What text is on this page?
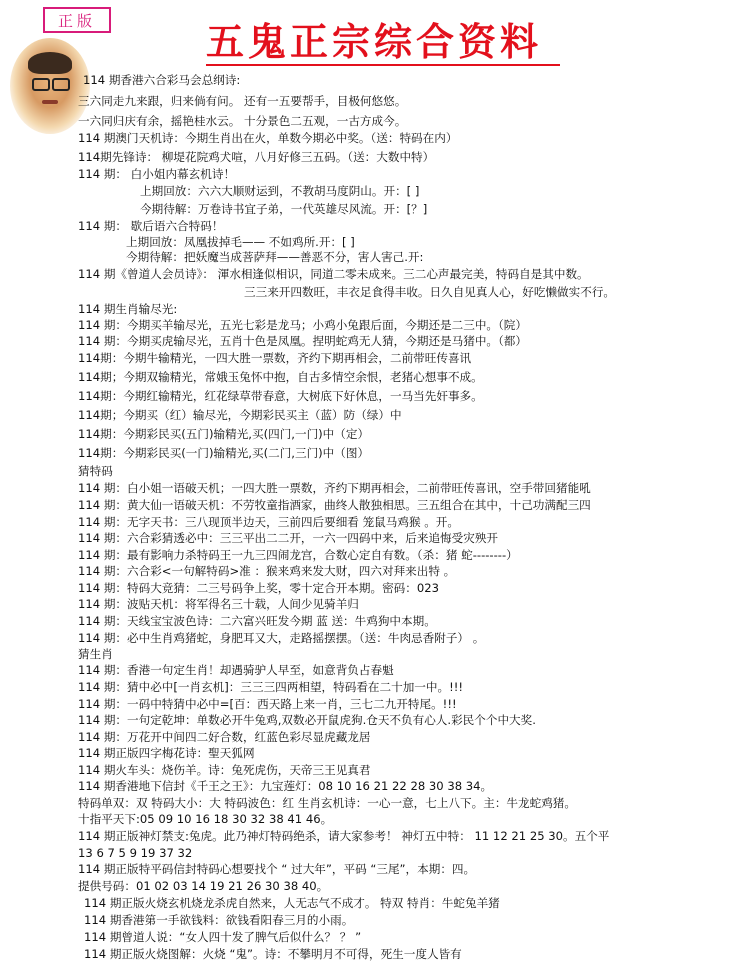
正版	五鬼正宗综合资料
114 期香港六合彩马会总纲诗:
三六同走九来跟，归来倘有问。 还有一五要帮手，目极何悠悠。
一六同归庆有余，摇艳桂水云。 十分景色二五观，一古方成今。
114 期澳门天机诗：今期生肖出在火，单数今期必中奖。（送：特码在内）
114期先锋诗： 柳堤花院鸡犬喧，八月好修三五码。（送：大数中特）
114 期： 白小姐内幕玄机诗！
上期回放：六六大顺财运到，不教胡马度阴山。开：[ ]
今期待解：万卷诗书宜子弟，一代英雄尽风流。开：[？]
114 期： 歇后语六合特码！
上期回放：凤凰拔掉毛—— 不如鸡所.开：[ ]
今期待解：把妖魔当成菩萨拜——善恶不分，害人害己.开:
114 期《曾道人会员诗》： 渾水相逢似相识，同道二零未成来。三二心声最完美，特码自是其中数。
三三来开四数旺，丰衣足食得丰收。日久自见真人心，好吃懒做实不行。
114 期生肖输尽光:
114 期：今期买羊输尽光，五光七彩是龙马；小鸡小兔跟后面，今期还是二三中。（院）
114 期：今期买虎输尽光，五肖十色是凤凰。捏明蛇鸡无人猜，今期还是马猪中。（都）
114期：今期牛输精光，一四大胜一票数，齐约下期再相会，二前带旺传喜讯
114期；今期双输精光，常娥玉兔怀中抱，自古多情空余恨，老猪心想事不成。
114期：今期红输精光，红花绿草带春意，大树底下好休息，一马当先奸事多。
114期；今期买（红）输尽光，今期彩民买主（蓝）防（绿）中
114期：今期彩民买(五门)输精光,买(四门,一门)中（定）
114期：今期彩民买(一门)输精光,买(二门,三门)中（图）
猜特码
114 期：白小姐一语破天机；一四大胜一票数，齐约下期再相会，二前带旺传喜讯，空手带回猪能吼
114 期：黄大仙一语破天机：不劳牧童指酒家，曲终人散独相思。三五组合在其中，十己功满配三四
114 期：无字天书：三八现顶半边天，三前四后要细看 笼鼠马鸡猴 。开。
114 期：六合彩猜透必中：三三平出二二开，一六一四码中来，后来追悔受灾殃开
114 期：最有影响力杀特码王一九三四闹龙宫，合数心定自有数。（杀：猪 蛇--------）
114 期：六合彩<一句解特码>准 ：猴来鸡来发大财，四六对拜来出特 。
114 期：特码大竞猜：二三号码争上奖，零十定合开本期。密码：023
114 期：波贴天机：将军得名三十载，人间少见骑羊归
114 期：天线宝宝波色诗：二六富兴旺发今期 蓝 送：牛鸡狗中本期。
114 期：必中生肖鸡猪蛇，身肥耳又大，走路摇摆摆。（送：牛肉忌香附子） 。
猜生肖
114 期：香港一句定生肖！却遇骑驴人早至，如意背负占春魁
114 期：猜中必中[一肖玄机]：三三三四两相望，特码看在二十加一中。!!!
114 期：一码中特猜中必中=[百：西天路上来一肖，三七二九开特尾。!!!
114 期：一句定乾坤：单数必开牛兔鸡,双数必开鼠虎狗.仓天不负有心人.彩民个个中大奖.
114 期：万花开中间四二好合数，红蓝色彩尽显虎藏龙居
114 期正版四字梅花诗：聖天狐网
114 期火车头：烧伤羊。诗：兔死虎伤，天帝三王见真君
114 期香港地下信封《千王之王》：九宝莲灯：08 10 16 21 22 28 30 38 34。
特码单双：双 特码大小：大 特码波色：红 生肖玄机诗：一心一意，七上八下。主：牛龙蛇鸡猪。
十指平天下:05 09 10 16 18 30 32 38 41 46。
114 期正版神灯禁支:兔虎。此乃神灯特码绝杀，请大家参考！ 神灯五中特： 11 12 21 25 30。五个平
13 6 7 5 9 19 37 32
114 期正版特平码信封特码心想要找个 “ 过大年”，平码 “三尾”，本期：四。
提供号码：01 02 03 14 19 21 26 30 38 40。
114 期正版火烧玄机烧龙杀虎自然来，人无志气不成才。 特双 特肖：牛蛇兔羊猪
114 期香港第一手欲钱料：欲钱看阳春三月的小雨。
114 期曾道人说：“女人四十发了脾气后似什么？ ？ ”
114 期正版火烧图解：火烧 “鬼”。诗：不攀明月不可得，死生一度人皆有
